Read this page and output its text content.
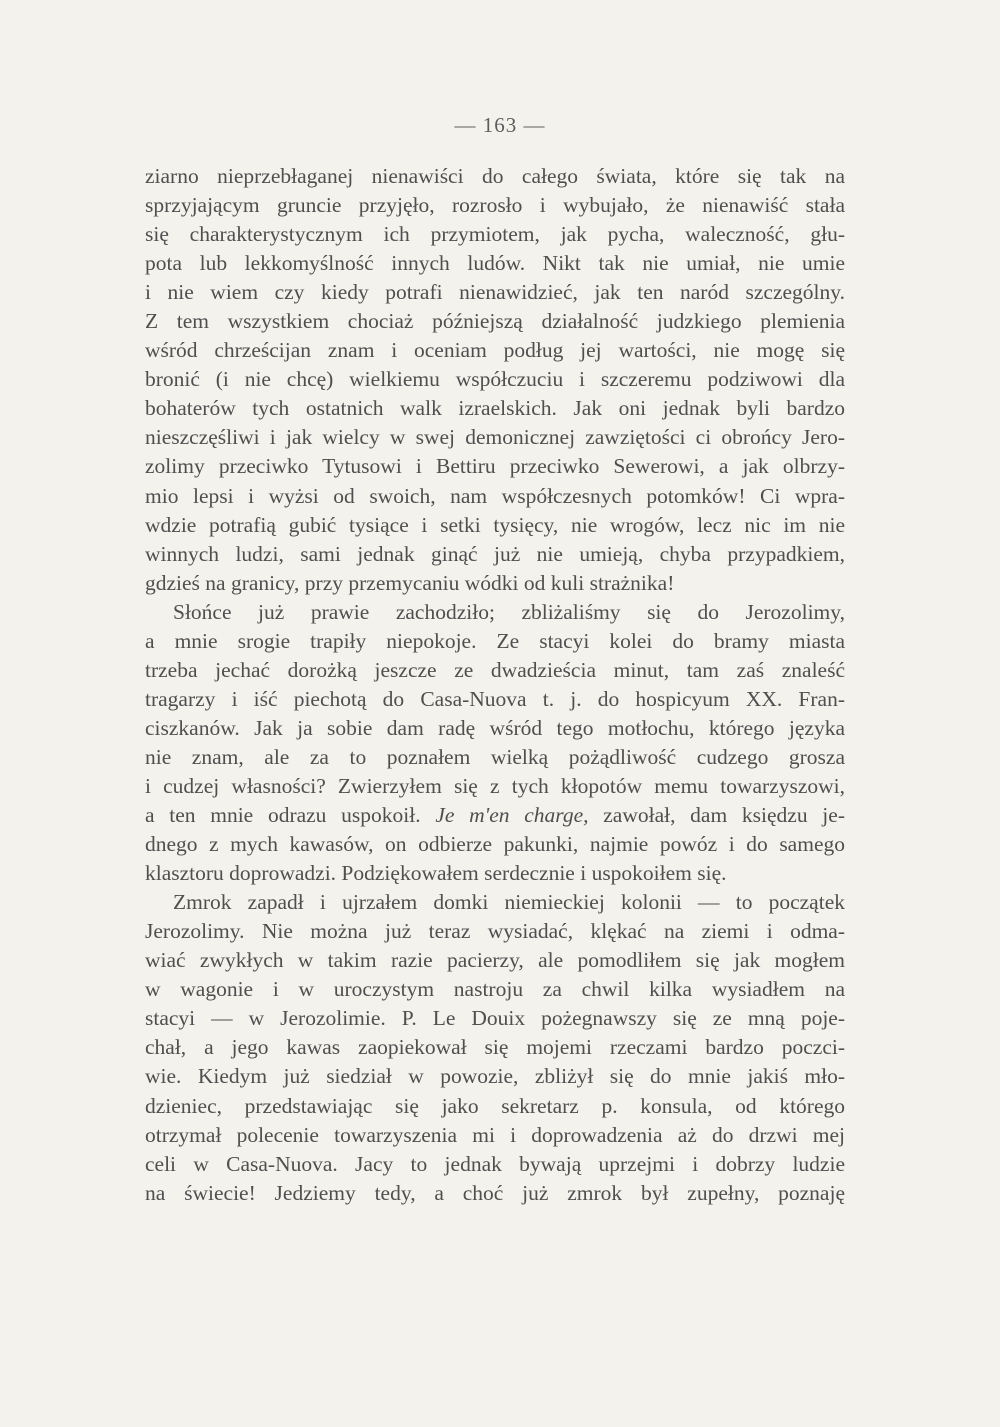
— 163 —
ziarno nieprzebłaganej nienawiści do całego świata, które się tak na
sprzyjającym gruncie przyjęło, rozrosło i wybujało, że nienawiść stała
się charakterystycznym ich przymiotem, jak pycha, waleczność, głu-
pota lub lekkomyślność innych ludów. Nikt tak nie umiał, nie umie
i nie wiem czy kiedy potrafi nienawidzieć, jak ten naród szczególny.
Z tem wszystkiem chociaż późniejszą działalność judzkiego plemienia
wśród chrześcijan znam i oceniam podług jej wartości, nie mogę się
bronić (i nie chcę) wielkiemu współczuciu i szczeremu podziwowi dla
bohaterów tych ostatnich walk izraelskich. Jak oni jednak byli bardzo
nieszczęśliwi i jak wielcy w swej demonicznej zawziętości ci obrońcy Jero-
zolimy przeciwko Tytusowi i Bettiru przeciwko Sewerowi, a jak olbrzy-
mio lepsi i wyżsi od swoich, nam współczesnych potomków! Ci wpra-
wdzie potrafią gubić tysiące i setki tysięcy, nie wrogów, lecz nic im nie
winnych ludzi, sami jednak ginąć już nie umieją, chyba przypadkiem,
gdzieś na granicy, przy przemycaniu wódki od kuli strażnika!
Słońce już prawie zachodziło; zbliżaliśmy się do Jerozolimy,
a mnie srogie trapiły niepokoje. Ze stacyi kolei do bramy miasta
trzeba jechać dorożką jeszcze ze dwadzieścia minut, tam zaś znaleść
tragarzy i iść piechotą do Casa-Nuova t. j. do hospicyum XX. Fran-
ciszkanów. Jak ja sobie dam radę wśród tego motłochu, którego języka
nie znam, ale za to poznałem wielką pożądliwość cudzego grosza
i cudzej własności? Zwierzyłem się z tych kłopotów memu towarzyszowi,
a ten mnie odrazu uspokoił. Je m'en charge, zawołał, dam księdzu je-
dnego z mych kawasów, on odbierze pakunki, najmie powóz i do samego
klasztoru doprowadzi. Podziękowałem serdecznie i uspokoiłem się.
Zmrok zapadł i ujrzałem domki niemieckiej kolonii — to początek
Jerozolimy. Nie można już teraz wysiadać, klękać na ziemi i odma-
wiać zwykłych w takim razie pacierzy, ale pomodliłem się jak mogłem
w wagonie i w uroczystym nastroju za chwil kilka wysiadłem na
stacyi — w Jerozolimie. P. Le Douix pożegnawszy się ze mną poje-
chał, a jego kawas zaopiekował się mojemi rzeczami bardzo poczci-
wie. Kiedym już siedział w powozie, zbliżył się do mnie jakiś mło-
dzieniec, przedstawiając się jako sekretarz p. konsula, od którego
otrzymał polecenie towarzyszenia mi i doprowadzenia aż do drzwi mej
celi w Casa-Nuova. Jacy to jednak bywają uprzejmi i dobrzy ludzie
na świecie! Jedziemy tedy, a choć już zmrok był zupełny, poznaję
